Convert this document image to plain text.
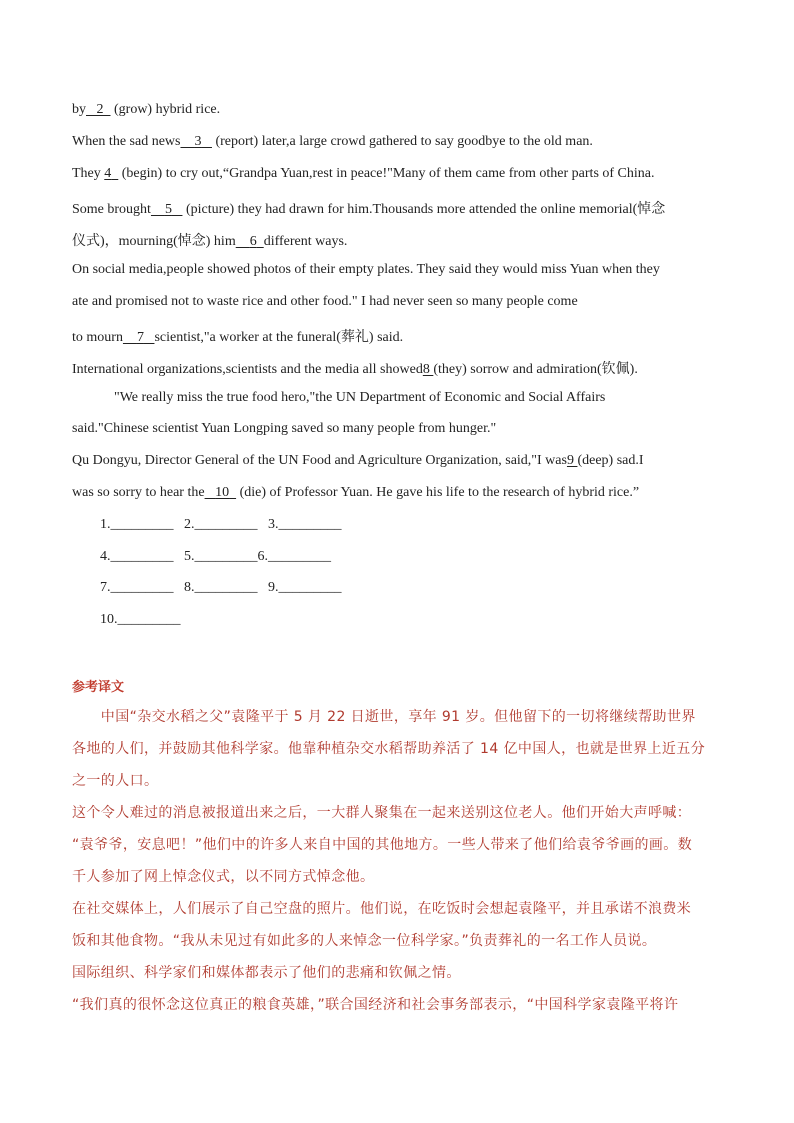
by 2   (grow) hybrid rice.
When the sad news 3    (report) later,a large crowd gathered to say goodbye to the old man.
They 4   (begin) to cry out,“Grandpa Yuan,rest in peace!"Many of them came from other parts of China.
Some brought 5    (picture) they had drawn for him.Thousands more attended the online memorial(悼念
仪式)，mourning(悼念) him 6 different ways.
On social media,people showed photos of their empty plates. They said they would miss Yuan when they
ate and promised not to waste rice and other food." I had never seen so many people come
to mourn 7 scientist,"a worker at the funeral(葬礼) said.
International organizations,scientists and the media all showed8 (they) sorrow and admiration(钦佩).
"We really miss the true food hero,"the UN Department of Economic and Social Affairs
said."Chinese scientist Yuan Longping saved so many people from hunger."
Qu Dongyu, Director General of the UN Food and Agriculture Organization, said,"I was9 (deep) sad.I
was so sorry to hear the 10   (die) of Professor Yuan. He gave his life to the research of hybrid rice.”
1._________   2._________   3._________
4._________   5._________6._________
7._________   8._________   9._________
10._________
参考译文
　　中国“杂交水稻之父”袁隆平于 5 月 22 日逝世，享年 91 岁。但他留下的一切将继续帮助世界
各地的人们，并鼓励其他科学家。他靠种植杂交水稻帮助养活了 14 亿中国人，也就是世界上近五分
之一的人口。
这个令人难过的消息被报道出来之后，一大群人聚集在一起来送别这位老人。他们开始大声呼喊：
“袁爷爷，安息吧！”他们中的许多人来自中国的其他地方。一些人带来了他们给袁爷爷画的画。数
千人参加了网上悼念仪式，以不同方式悼念他。
在社交媒体上，人们展示了自己空盘的照片。他们说，在吃饭时会想起袁隆平，并且承诺不浪费米
饭和其他食物。“我从未见过有如此多的人来悼念一位科学家。”负责葬礼的一名工作人员说。
国际组织、科学家们和媒体都表示了他们的悲痛和钦佩之情。
“我们真的很怀念这位真正的粮食英雄，”联合国经济和社会事务部表示，“中国科学家袁隆平将许
